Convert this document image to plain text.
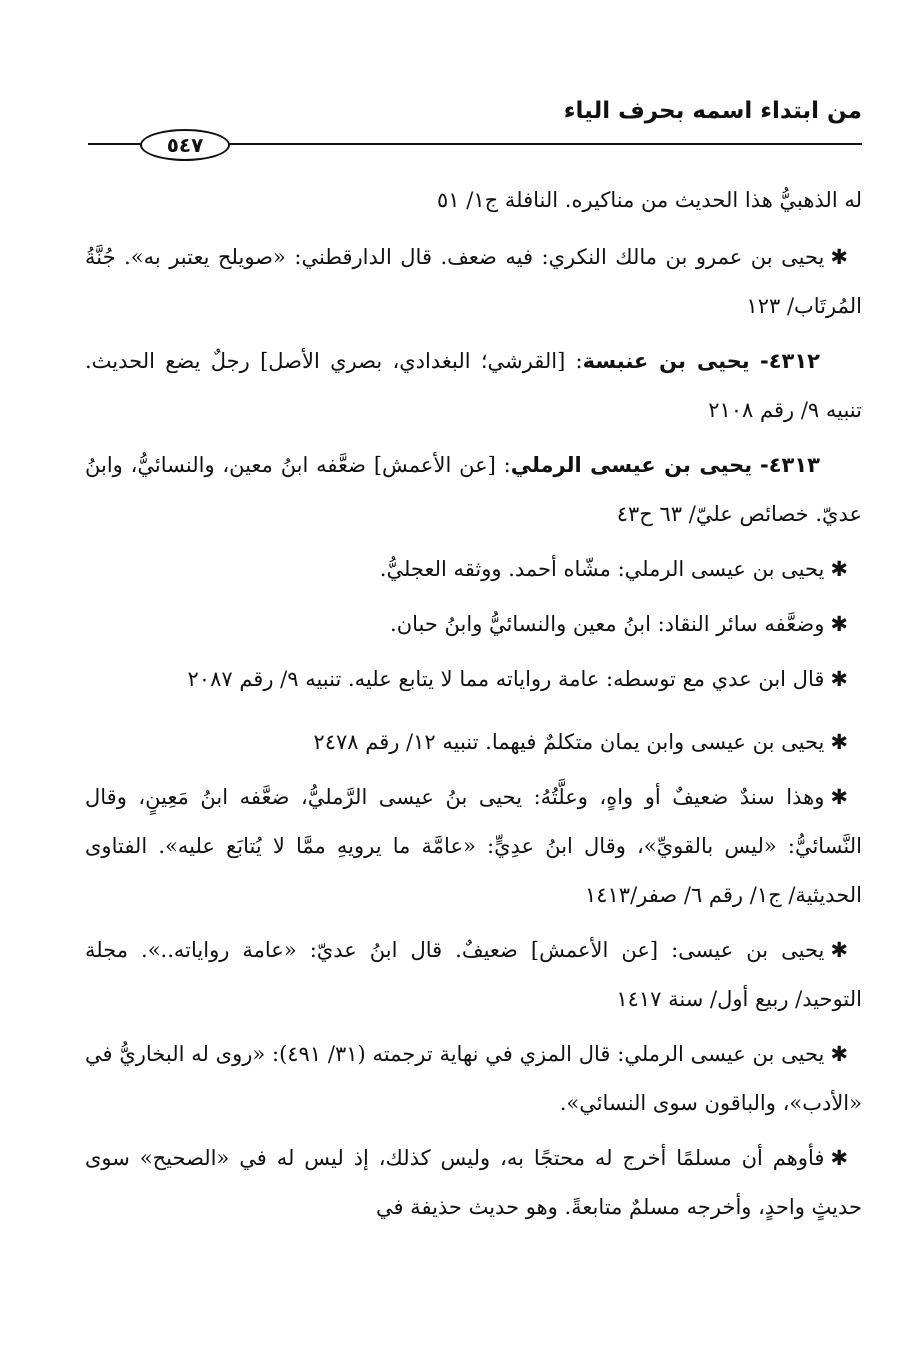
من ابتداء اسمه بحرف الياء
٥٤٧

له الذهبيُّ هذا الحديث من مناكيره. النافلة ج١/ ٥١

✱يحيى بن عمرو بن مالك النكري: فيه ضعف. قال الدارقطني: «صويلح يعتبر به». جُنَّةُ المُرتَاب/ ١٢٣

٤٣١٢- يحيى بن عنبسة: [القرشي؛ البغدادي، بصري الأصل] رجلٌ يضع الحديث. تنبيه ٩/ رقم ٢١٠٨

٤٣١٣- يحيى بن عيسى الرملي: [عن الأعمش] ضعَّفه ابنُ معين، والنسائيُّ، وابنُ عديّ. خصائص عليّ/ ٦٣ ح٤٣

✱يحيى بن عيسى الرملي: مشّاه أحمد. ووثقه العجليُّ.

✱وضعَّفه سائر النقاد: ابنُ معين والنسائيُّ وابنُ حبان.

✱قال ابن عدي مع توسطه: عامة رواياته مما لا يتابع عليه. تنبيه ٩/ رقم ٢٠٨٧

✱يحيى بن عيسى وابن يمان متكلمٌ فيهما. تنبيه ١٢/ رقم ٢٤٧٨

✱وهذا سندٌ ضعيفٌ أو واهٍ، وعلَّتُهُ: يحيى بنُ عيسى الرَّمليُّ، ضعَّفه ابنُ مَعِينٍ، وقال النَّسائيُّ: «ليس بالقويِّ»، وقال ابنُ عدِيٍّ: «عامَّة ما يرويهِ ممَّا لا يُتابَع عليه». الفتاوى الحديثية/ ج١/ رقم ٦/ صفر/١٤١٣

✱يحيى بن عيسى: [عن الأعمش] ضعيفٌ. قال ابنُ عديّ: «عامة رواياته..». مجلة التوحيد/ ربيع أول/ سنة ١٤١٧

✱يحيى بن عيسى الرملي: قال المزي في نهاية ترجمته (٣١/ ٤٩١): «روى له البخاريُّ في «الأدب»، والباقون سوى النسائي».

✱فأوهم أن مسلمًا أخرج له محتجًا به، وليس كذلك، إذ ليس له في «الصحيح» سوى حديثٍ واحدٍ، وأخرجه مسلمٌ متابعةً. وهو حديث حذيفة في
